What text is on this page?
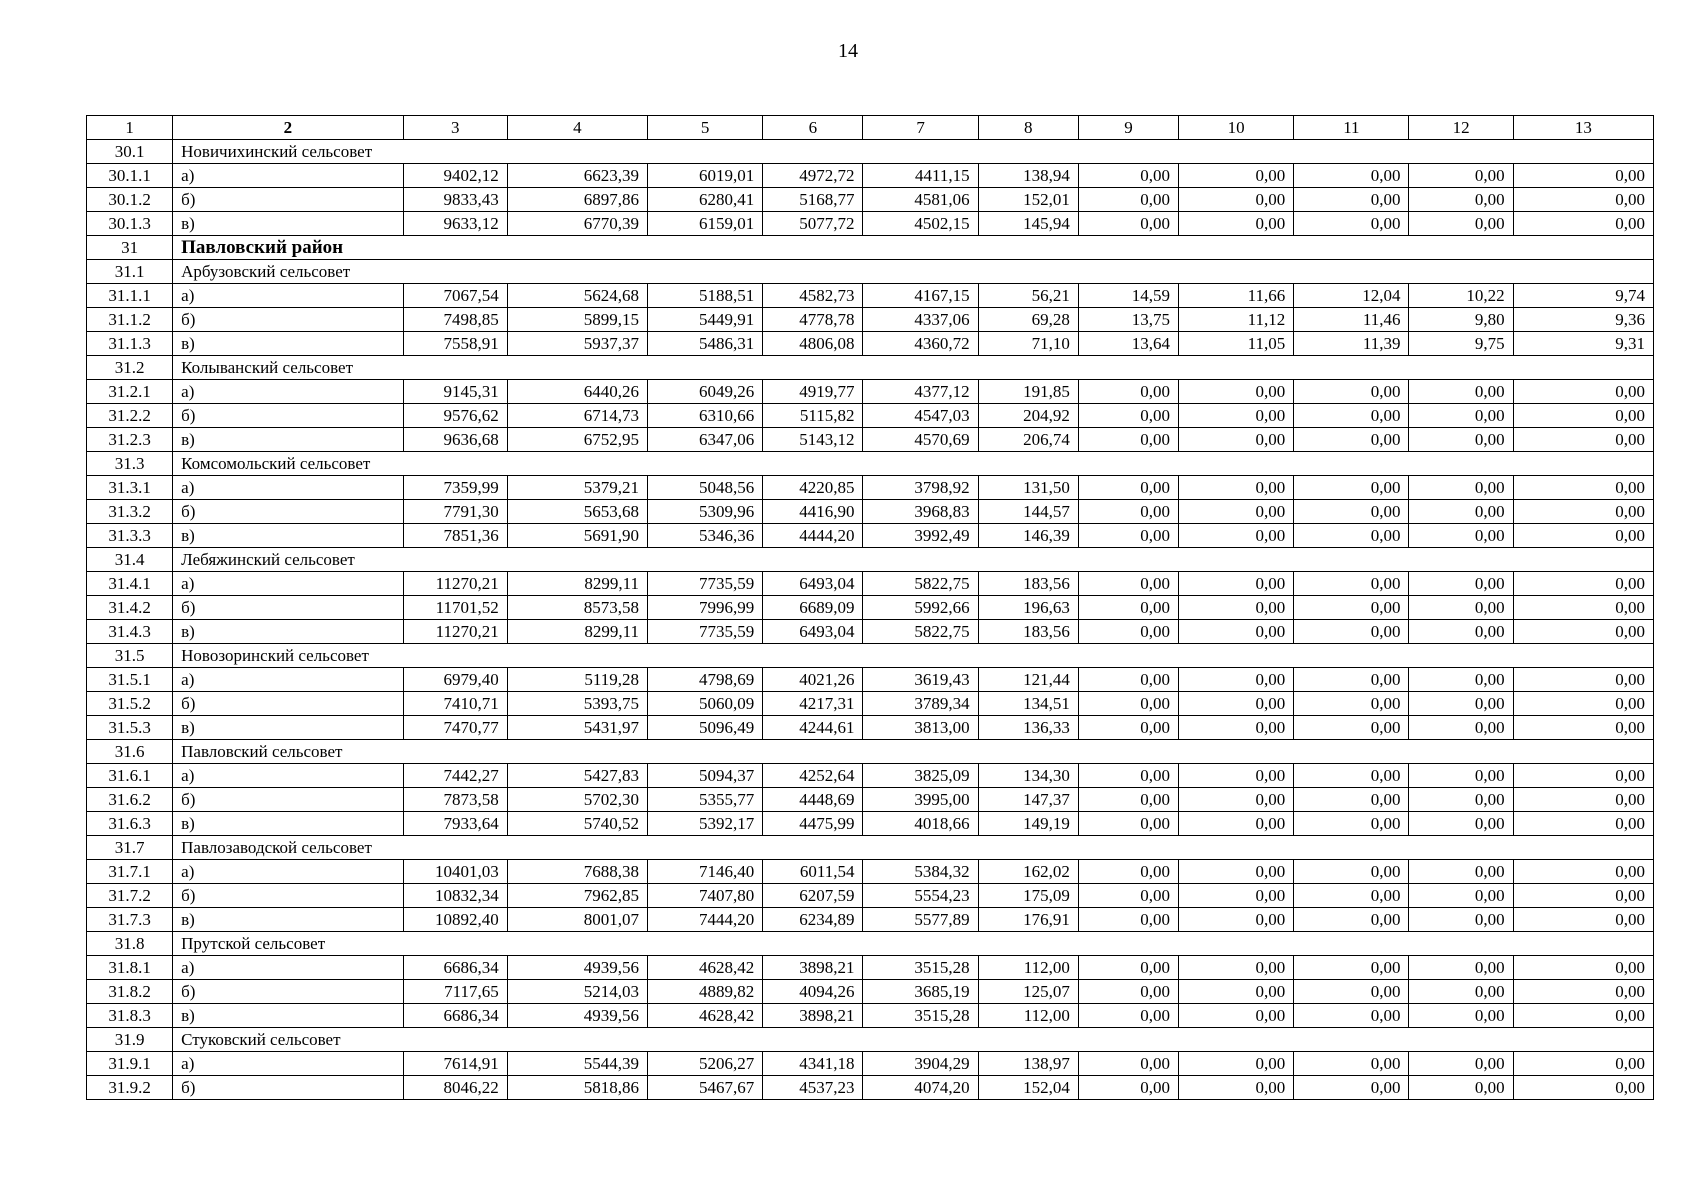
14
1	2	3	4	5	6	7	8	9	10	11	12	13
30.1	Новичихинский сельсовет											
30.1.1	а)	9402,12	6623,39	6019,01	4972,72	4411,15	138,94	0,00	0,00	0,00	0,00	0,00
30.1.2	б)	9833,43	6897,86	6280,41	5168,77	4581,06	152,01	0,00	0,00	0,00	0,00	0,00
30.1.3	в)	9633,12	6770,39	6159,01	5077,72	4502,15	145,94	0,00	0,00	0,00	0,00	0,00
31	Павловский район											
31.1	Арбузовский сельсовет											
31.1.1	а)	7067,54	5624,68	5188,51	4582,73	4167,15	56,21	14,59	11,66	12,04	10,22	9,74
31.1.2	б)	7498,85	5899,15	5449,91	4778,78	4337,06	69,28	13,75	11,12	11,46	9,80	9,36
31.1.3	в)	7558,91	5937,37	5486,31	4806,08	4360,72	71,10	13,64	11,05	11,39	9,75	9,31
31.2	Колыванский сельсовет											
31.2.1	а)	9145,31	6440,26	6049,26	4919,77	4377,12	191,85	0,00	0,00	0,00	0,00	0,00
31.2.2	б)	9576,62	6714,73	6310,66	5115,82	4547,03	204,92	0,00	0,00	0,00	0,00	0,00
31.2.3	в)	9636,68	6752,95	6347,06	5143,12	4570,69	206,74	0,00	0,00	0,00	0,00	0,00
31.3	Комсомольский сельсовет											
31.3.1	а)	7359,99	5379,21	5048,56	4220,85	3798,92	131,50	0,00	0,00	0,00	0,00	0,00
31.3.2	б)	7791,30	5653,68	5309,96	4416,90	3968,83	144,57	0,00	0,00	0,00	0,00	0,00
31.3.3	в)	7851,36	5691,90	5346,36	4444,20	3992,49	146,39	0,00	0,00	0,00	0,00	0,00
31.4	Лебяжинский сельсовет											
31.4.1	а)	11270,21	8299,11	7735,59	6493,04	5822,75	183,56	0,00	0,00	0,00	0,00	0,00
31.4.2	б)	11701,52	8573,58	7996,99	6689,09	5992,66	196,63	0,00	0,00	0,00	0,00	0,00
31.4.3	в)	11270,21	8299,11	7735,59	6493,04	5822,75	183,56	0,00	0,00	0,00	0,00	0,00
31.5	Новозоринский сельсовет											
31.5.1	а)	6979,40	5119,28	4798,69	4021,26	3619,43	121,44	0,00	0,00	0,00	0,00	0,00
31.5.2	б)	7410,71	5393,75	5060,09	4217,31	3789,34	134,51	0,00	0,00	0,00	0,00	0,00
31.5.3	в)	7470,77	5431,97	5096,49	4244,61	3813,00	136,33	0,00	0,00	0,00	0,00	0,00
31.6	Павловский сельсовет											
31.6.1	а)	7442,27	5427,83	5094,37	4252,64	3825,09	134,30	0,00	0,00	0,00	0,00	0,00
31.6.2	б)	7873,58	5702,30	5355,77	4448,69	3995,00	147,37	0,00	0,00	0,00	0,00	0,00
31.6.3	в)	7933,64	5740,52	5392,17	4475,99	4018,66	149,19	0,00	0,00	0,00	0,00	0,00
31.7	Павлозаводской сельсовет											
31.7.1	а)	10401,03	7688,38	7146,40	6011,54	5384,32	162,02	0,00	0,00	0,00	0,00	0,00
31.7.2	б)	10832,34	7962,85	7407,80	6207,59	5554,23	175,09	0,00	0,00	0,00	0,00	0,00
31.7.3	в)	10892,40	8001,07	7444,20	6234,89	5577,89	176,91	0,00	0,00	0,00	0,00	0,00
31.8	Прутской сельсовет											
31.8.1	а)	6686,34	4939,56	4628,42	3898,21	3515,28	112,00	0,00	0,00	0,00	0,00	0,00
31.8.2	б)	7117,65	5214,03	4889,82	4094,26	3685,19	125,07	0,00	0,00	0,00	0,00	0,00
31.8.3	в)	6686,34	4939,56	4628,42	3898,21	3515,28	112,00	0,00	0,00	0,00	0,00	0,00
31.9	Стуковский сельсовет											
31.9.1	а)	7614,91	5544,39	5206,27	4341,18	3904,29	138,97	0,00	0,00	0,00	0,00	0,00
31.9.2	б)	8046,22	5818,86	5467,67	4537,23	4074,20	152,04	0,00	0,00	0,00	0,00	0,00
